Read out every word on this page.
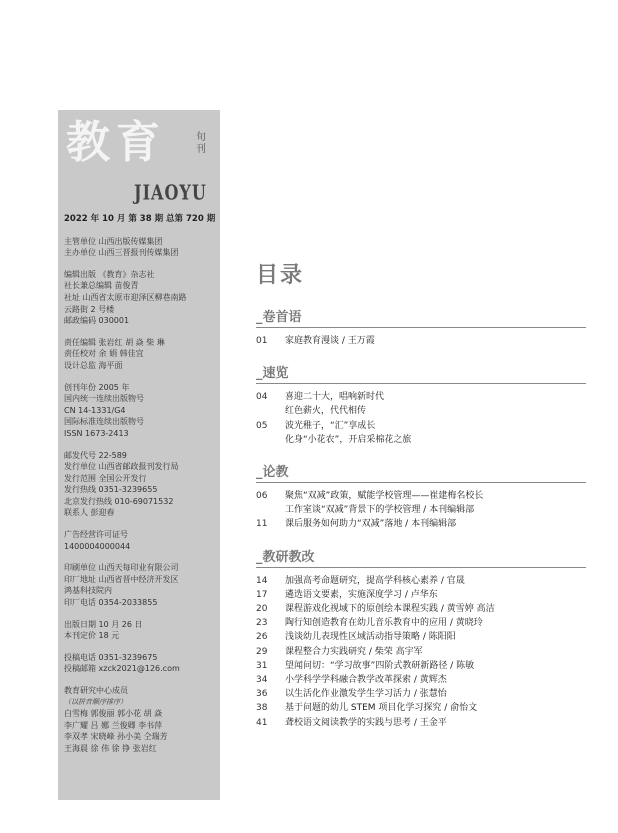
教育	旬刊
JIAOYU
2022 年 10 月 第 38 期 总第 720 期
主管单位 山西出版传媒集团
主办单位 山西三晋报刊传媒集团
编辑出版 《教育》杂志社
社长兼总编辑 苗俊青
社址 山西省太原市迎泽区柳巷南路
云路街 2 号楼
邮政编码 030001
责任编辑 张岩红 胡 焱 柴 琳
责任校对 余 娟 韩佳宜
设计总监 海平面
创刊年份 2005 年
国内统一连续出版物号
CN 14-1331/G4
国际标准连续出版物号
ISSN 1673-2413
邮发代号 22-589
发行单位 山西省邮政报刊发行局
发行范围 全国公开发行
发行热线 0351-3239655
北京发行热线 010-69071532
联系人 彭迎春
广告经营许可证号
1400004000044
印刷单位 山西天每印业有限公司
印厂地址 山西省晋中经济开发区
鸿基科技院内
印厂电话 0354-2033855
出版日期 10 月 26 日
本刊定价 18 元
投稿电话 0351-3239675
投稿邮箱 xzck2021@126.com
教育研究中心成员
（以拼音顺序排序）
白雪梅 郭俊丽 郭小花 胡 焱
李广耀 吕 娜 兰俊卿 李书萍
李双孝 宋晓峰 孙小美 仝瑞芳
王海晨 徐 伟 徐 铮 张岩红
目录
_卷首语
01	家庭教育漫谈 / 王万霞
_速览
04	喜迎二十大，唱响新时代
红色薪火，代代相传
05	波光稚子，“汇”享成长
化身“小花农”，开启采棉花之旅
_论教
06	聚焦“双减”政策，赋能学校管理——崔建梅名校长
工作室谈“双减”背景下的学校管理 / 本刊编辑部
11	课后服务如何助力“双减”落地 / 本刊编辑部
_教研教改
14	加强高考命题研究，提高学科核心素养 / 官晟
17	遴选语文要素，实施深度学习 / 卢华东
20	课程游戏化视域下的原创绘本课程实践 / 黄雪婷 高洁
23	陶行知创造教育在幼儿音乐教育中的应用 / 黄晓玲
26	浅谈幼儿表现性区域活动指导策略 / 陈阳阳
29	课程整合力实践研究 / 柴荣 高宇军
31	望闻问切：“学习故事”四阶式教研新路径 / 陈敏
34	小学科学学科融合教学改革探索 / 黄辉杰
36	以生活化作业激发学生学习活力 / 张慧怡
38	基于问题的幼儿 STEM 项目化学习探究 / 俞怡文
41	聋校语文阅读教学的实践与思考 / 王金平
